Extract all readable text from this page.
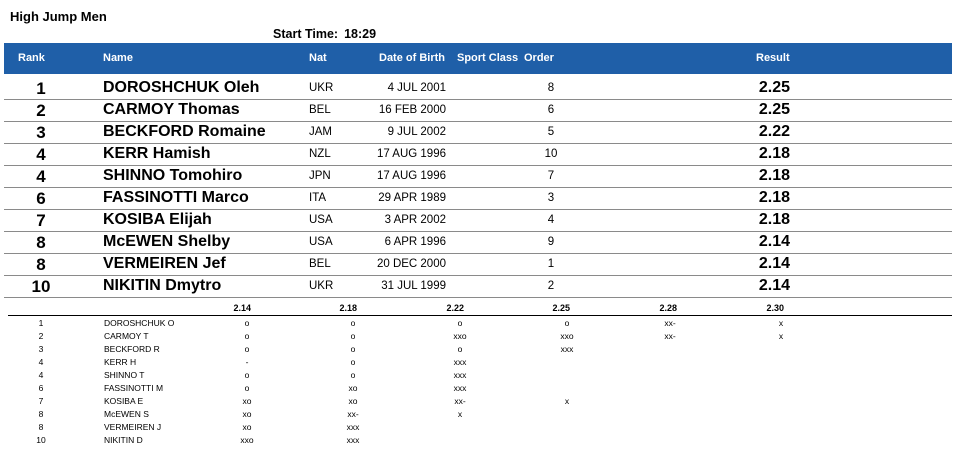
High Jump Men
Start Time: 18:29
Rank	Name	Nat	Date of Birth Sport Class Order	Result
1	DOROSHCHUK Oleh	UKR	4 JUL 2001	8	2.25
2	CARMOY Thomas	BEL	16 FEB 2000	6	2.25
3	BECKFORD Romaine	JAM	9 JUL 2002	5	2.22
4	KERR Hamish	NZL	17 AUG 1996	10	2.18
4	SHINNO Tomohiro	JPN	17 AUG 1996	7	2.18
6	FASSINOTTI Marco	ITA	29 APR 1989	3	2.18
7	KOSIBA Elijah	USA	3 APR 2002	4	2.18
8	McEWEN Shelby	USA	6 APR 1996	9	2.14
8	VERMEIREN Jef	BEL	20 DEC 2000	1	2.14
10	NIKITIN Dmytro	UKR	31 JUL 1999	2	2.14
2.14	2.18	2.22	2.25	2.28	2.30
1	DOROSHCHUK O	o	o	o	o	xx-	x
2	CARMOY T	o	o	xxo	xxo	xx-	x
3	BECKFORD R	o	o	o	xxx
4	KERR H	-	o	xxx
4	SHINNO T	o	o	xxx
6	FASSINOTTI M	o	xo	xxx
7	KOSIBA E	xo	xo	xx-	x
8	McEWEN S	xo	xx-	x
8	VERMEIREN J	xo	xxx
10	NIKITIN D	xxo	xxx
